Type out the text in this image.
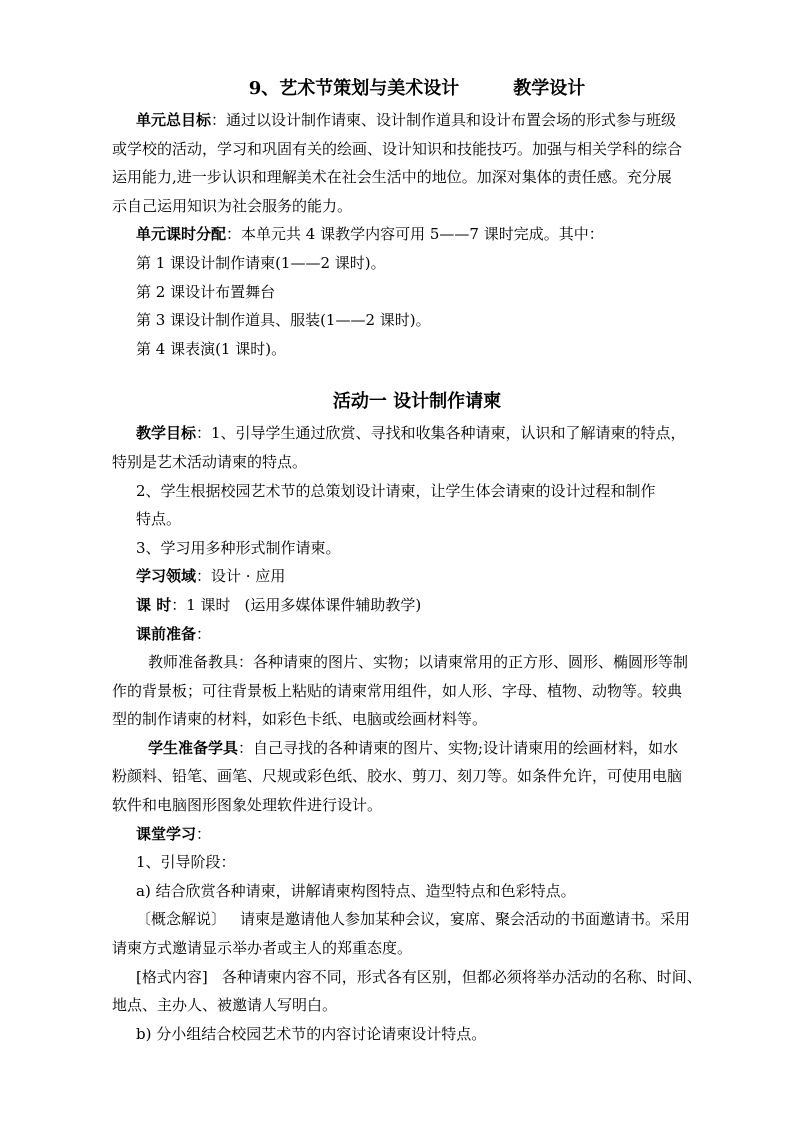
9、艺术节策划与美术设计	教学设计

单元总目标：通过以设计制作请柬、设计制作道具和设计布置会场的形式参与班级

或学校的活动，学习和巩固有关的绘画、设计知识和技能技巧。加强与相关学科的综合

运用能力,进一步认识和理解美术在社会生活中的地位。加深对集体的责任感。充分展

示自己运用知识为社会服务的能力。

单元课时分配：本单元共 4 课教学内容可用 5——7 课时完成。其中：

第 1 课设计制作请柬(1——2 课时)。

第 2 课设计布置舞台

第 3 课设计制作道具、服装(1——2 课时)。

第 4 课表演(1 课时)。

活动一 设计制作请柬

教学目标：1、引导学生通过欣赏、寻找和收集各种请柬，认识和了解请柬的特点，

特别是艺术活动请柬的特点。

2、学生根据校园艺术节的总策划设计请柬，让学生体会请柬的设计过程和制作

特点。

3、学习用多种形式制作请柬。

学习领域：设计 · 应用

课 时：1 课时 (运用多媒体课件辅助教学)

课前准备：

教师准备教具：各种请柬的图片、实物；以请柬常用的正方形、圆形、椭圆形等制

作的背景板；可往背景板上粘贴的请柬常用组件，如人形、字母、植物、动物等。较典

型的制作请柬的材料，如彩色卡纸、电脑或绘画材料等。

学生准备学具：自己寻找的各种请柬的图片、实物;设计请柬用的绘画材料，如水

粉颜料、铅笔、画笔、尺规或彩色纸、胶水、剪刀、刻刀等。如条件允许，可使用电脑

软件和电脑图形图象处理软件进行设计。

课堂学习：

1、引导阶段：

a) 结合欣赏各种请柬，讲解请柬构图特点、造型特点和色彩特点。

〔概念解说〕 请柬是邀请他人参加某种会议，宴席、聚会活动的书面邀请书。采用

请柬方式邀请显示举办者或主人的郑重态度。

[格式内容] 各种请柬内容不同，形式各有区别，但都必须将举办活动的名称、时间、

地点、主办人、被邀请人写明白。

b) 分小组结合校园艺术节的内容讨论请柬设计特点。
